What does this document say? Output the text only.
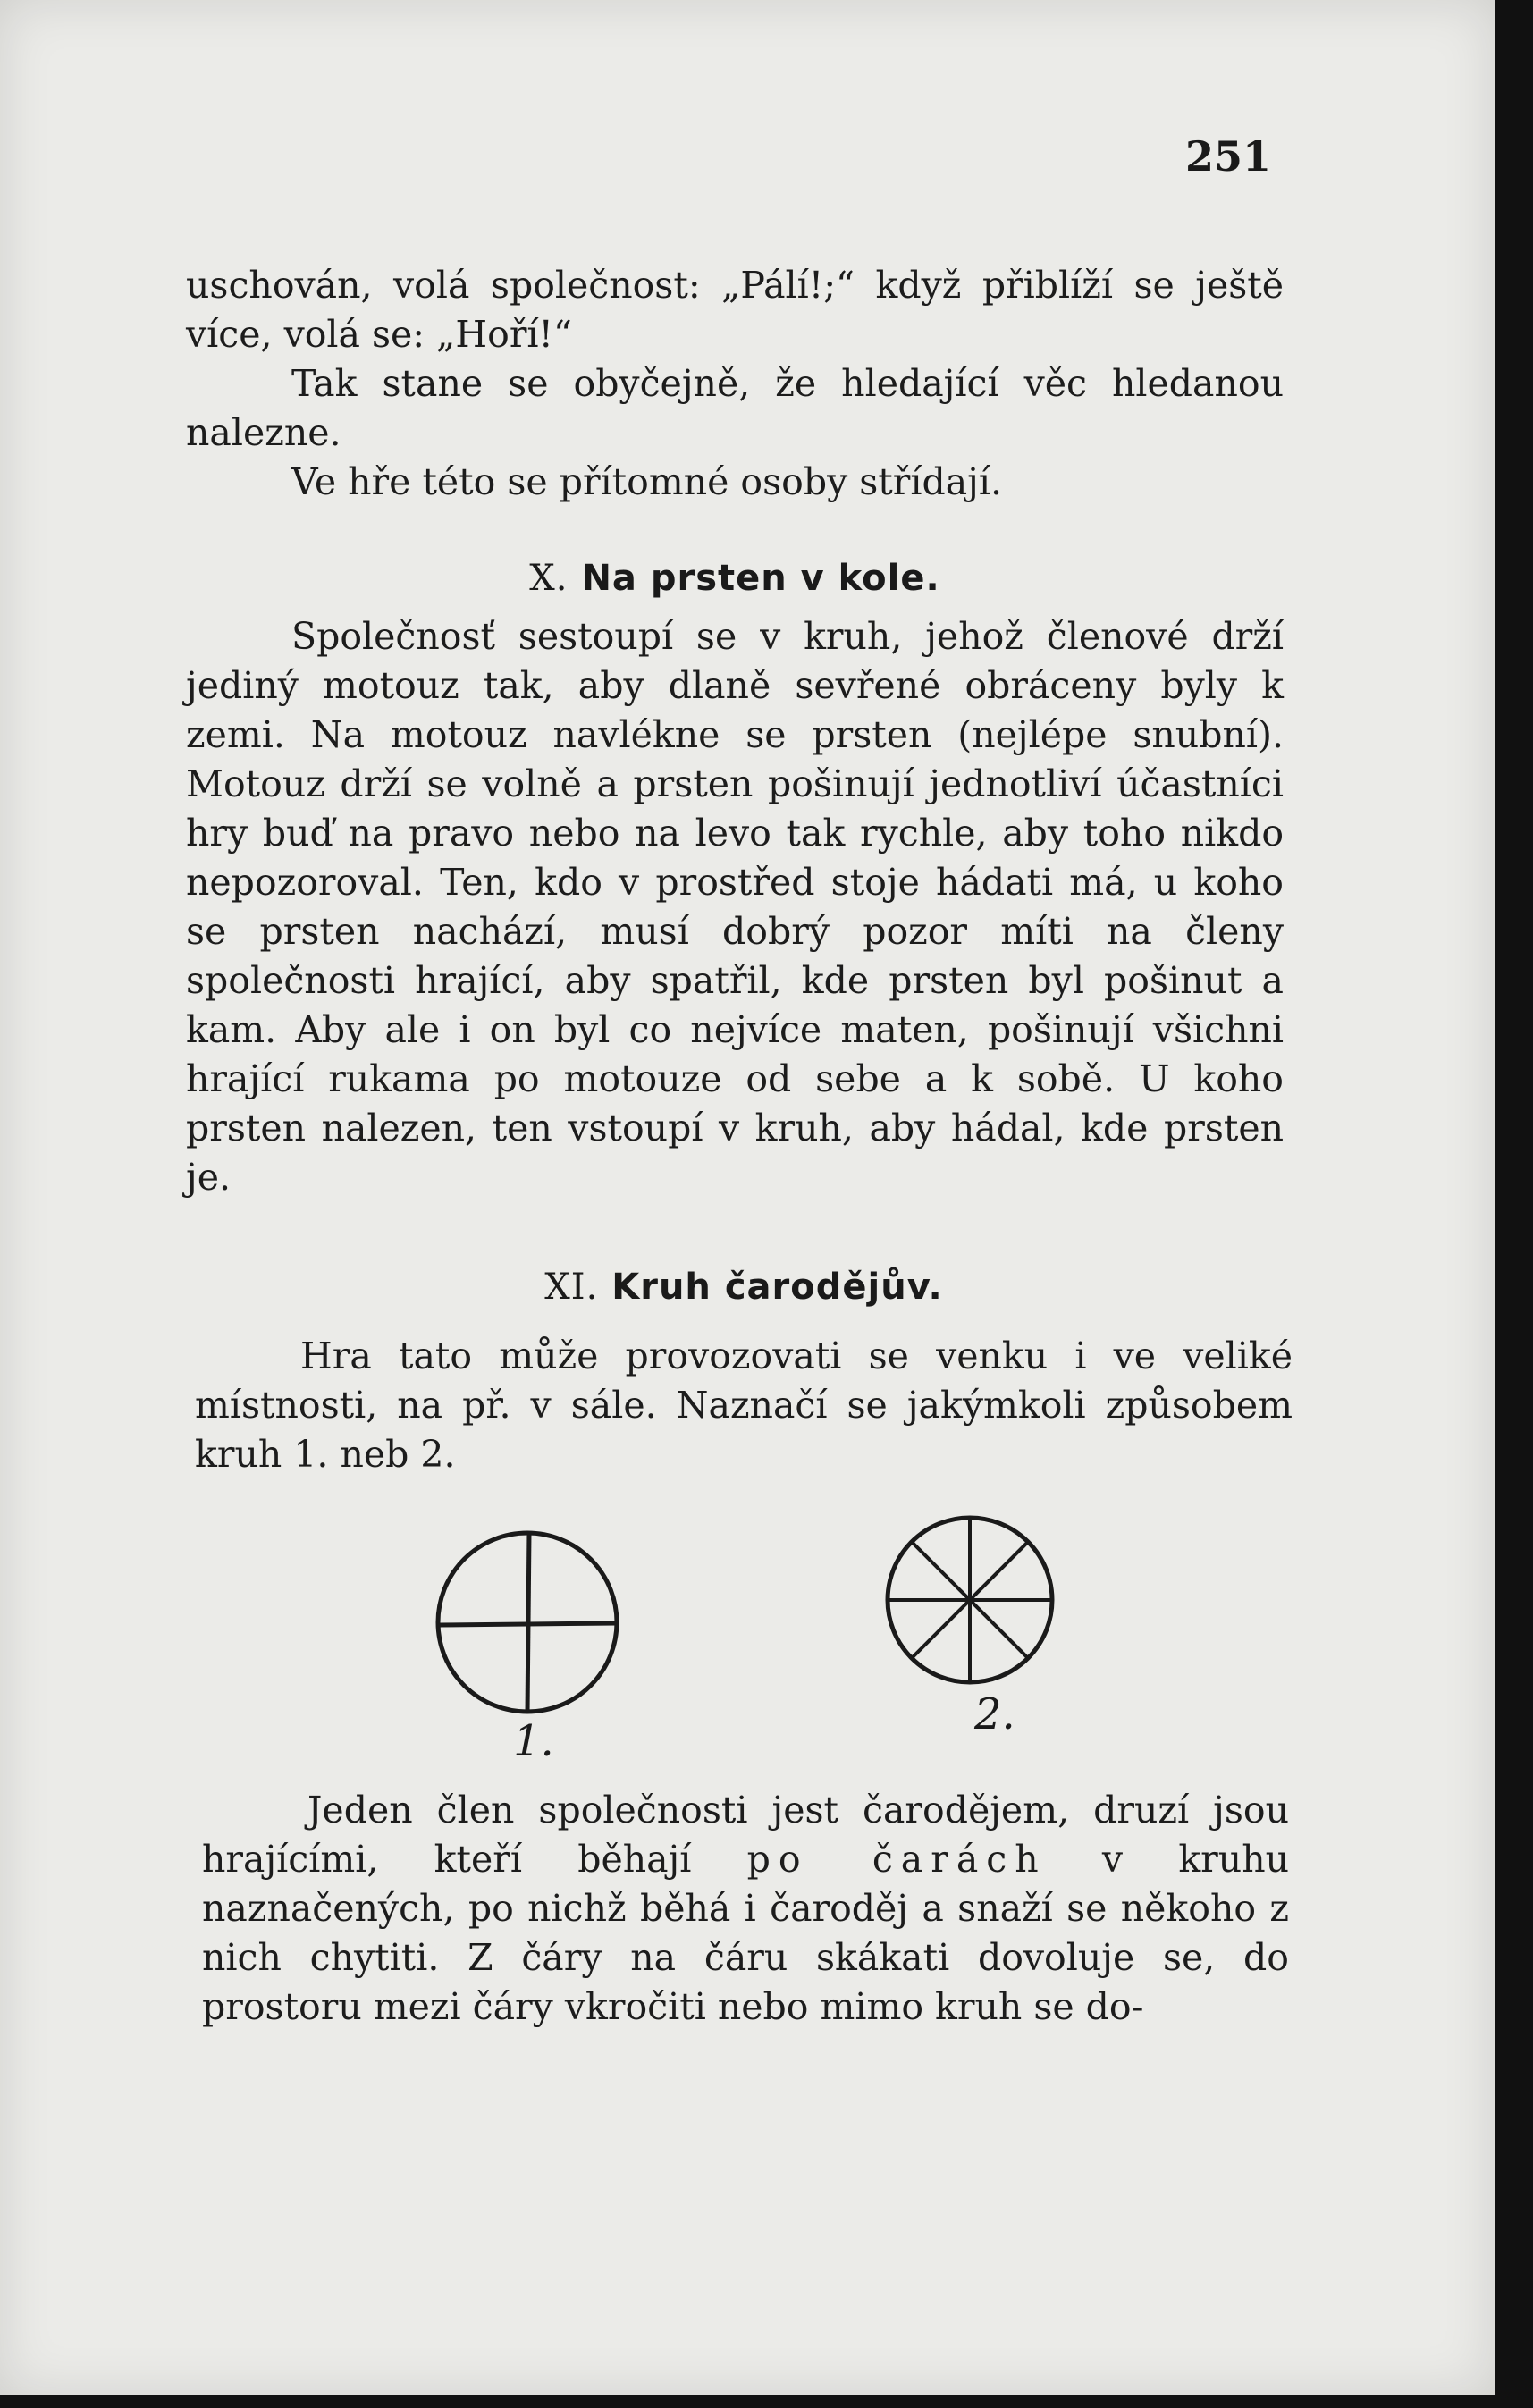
251

uschován, volá společnost: „Pálí!;“ když přiblíží se ještě více, volá se: „Hoří!“

Tak stane se obyčejně, že hledající věc hledanou nalezne.

Ve hře této se přítomné osoby střídají.

X. Na prsten v kole.

Společnosť sestoupí se v kruh, jehož členové drží jediný motouz tak, aby dlaně sevřené obráceny byly k zemi. Na motouz navlékne se prsten (nejlépe snubní). Motouz drží se volně a prsten pošinují jednotliví účastníci hry buď na pravo nebo na levo tak rychle, aby toho nikdo nepozoroval. Ten, kdo v prostřed stoje hádati má, u koho se prsten nachází, musí dobrý pozor míti na členy společnosti hrající, aby spatřil, kde prsten byl pošinut a kam. Aby ale i on byl co nejvíce maten, pošinují všichni hrající rukama po motouze od sebe a k sobě. U koho prsten nalezen, ten vstoupí v kruh, aby hádal, kde prsten je.

XI. Kruh čarodějův.

Hra tato může provozovati se venku i ve veliké místnosti, na př. v sále. Naznačí se jakýmkoli způsobem kruh 1. neb 2.

1.
2.

Jeden člen společnosti jest čarodějem, druzí jsou hrajícími, kteří běhají po čarách v kruhu naznačených, po nichž běhá i čaroděj a snaží se někoho z nich chytiti. Z čáry na čáru skákati dovoluje se, do prostoru mezi čáry vkročiti nebo mimo kruh se do-
